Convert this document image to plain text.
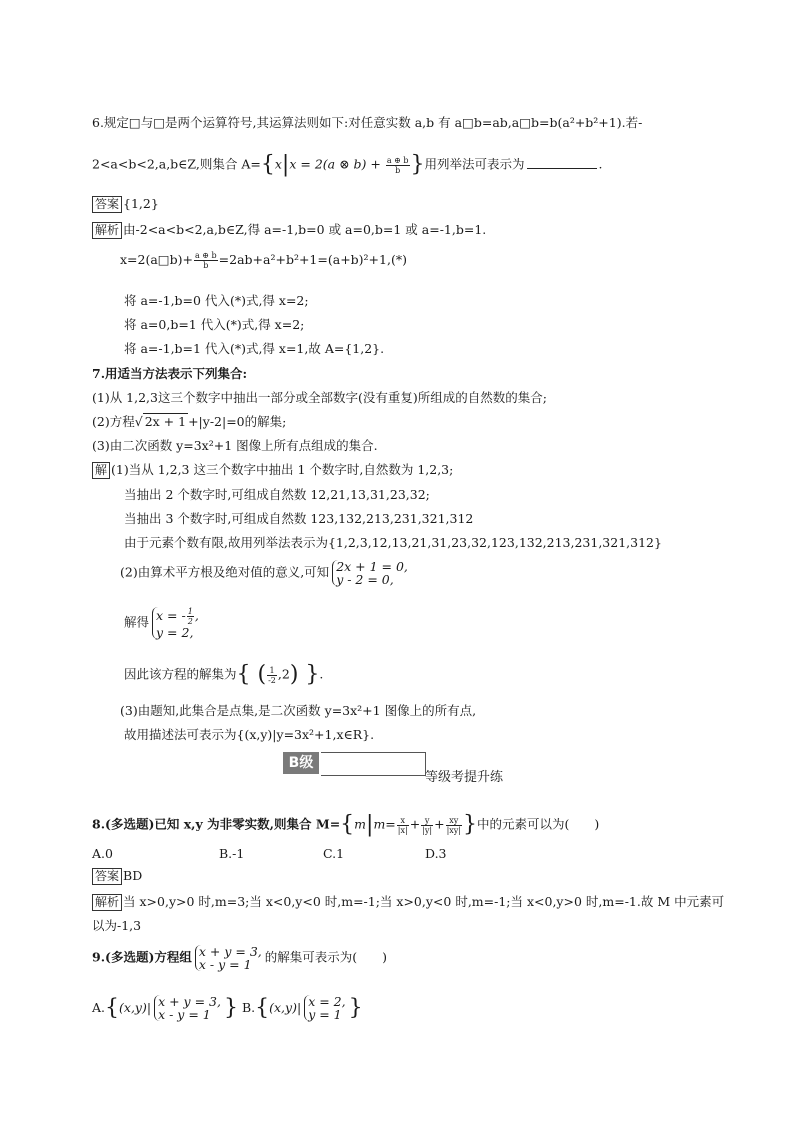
6.规定□与□是两个运算符号,其运算法则如下:对任意实数 a,b 有 a□b=ab,a□b=b(a²+b²+1).若-
2<a<b<2,a,b∈Z,则集合 A={x|x = 2(a ⊗ $b) + \frac{a \oplus b}{b}$ }用列举法可表示为	.
答案 {1,2}
解析 由-2<a<b<2,a,b∈Z,得 a=-1,b=0 或 a=0,b=1 或 a=-1,b=1.
x=2(a□b)+ $\frac{a \oplus b}{b} =2ab+a^2+b^2+1=(a+b)^2+1,(*)$
将 a=-1,b=0 代入(*)式,得 x=2;
将 a=0,b=1 代入(*)式,得 x=2;
将 a=-1,b=1 代入(*)式,得 x=1,故 A={1,2}.
7.用适当方法表示下列集合:
(1)从 1,2,3这三个数字中抽出一部分或全部数字(没有重复)所组成的自然数的集合;
(2)方程√ 2x + 1 +|y-2|=0的解集;
(3)由二次函数 y=3x²+1 图像上所有点组成的集合.
解 (1)当从 1,2,3 这三个数字中抽出 1 个数字时,自然数为 1,2,3;
当抽出 2 个数字时,可组成自然数 12,21,13,31,23,32;
当抽出 3 个数字时,可组成自然数 123,132,213,231,321,312
由于元素个数有限,故用列举法表示为{1,2,3,12,13,21,31,23,32,123,132,213,231,321,312}
(2)由算术平方根及绝对值的意义,可知 2x + 1 = 0,
y - 2 = 0,
解得 x = - $\frac{1}{2}$ ,
y = 2,
因此该方程的解集为{ ( $\frac{1}{-2} ,2$) }.
(3)由题知,此集合是点集,是二次函数 y=3x²+1 图像上的所有点,
故用描述法可表示为{(x,y)|y=3x²+1,x∈R}.
B级
等级考提升练
8.(多选题)已知 x,y 为非零实数,则集合 $M=\{m|m= \frac{x}{|x|} + \frac{y}{|y|} + \frac{xy}{|xy|}$ }中的元素可以为(　　)
A.0	B.-1	C.1	D.3
答案 BD
解析 当 x>0,y>0 时,m=3;当 x<0,y<0 时,m=-1;当 x>0,y<0 时,m=-1;当 x<0,y>0 时,m=-1.故 M 中元素可
以为-1,3
9.(多选题)方程组 x + y = 3,
x - y = 1 的解集可表示为(　　)
A.{(x,y)| x + y = 3,
x - y = 1 } B.{(x,y)| x = 2,
y = 1 }
